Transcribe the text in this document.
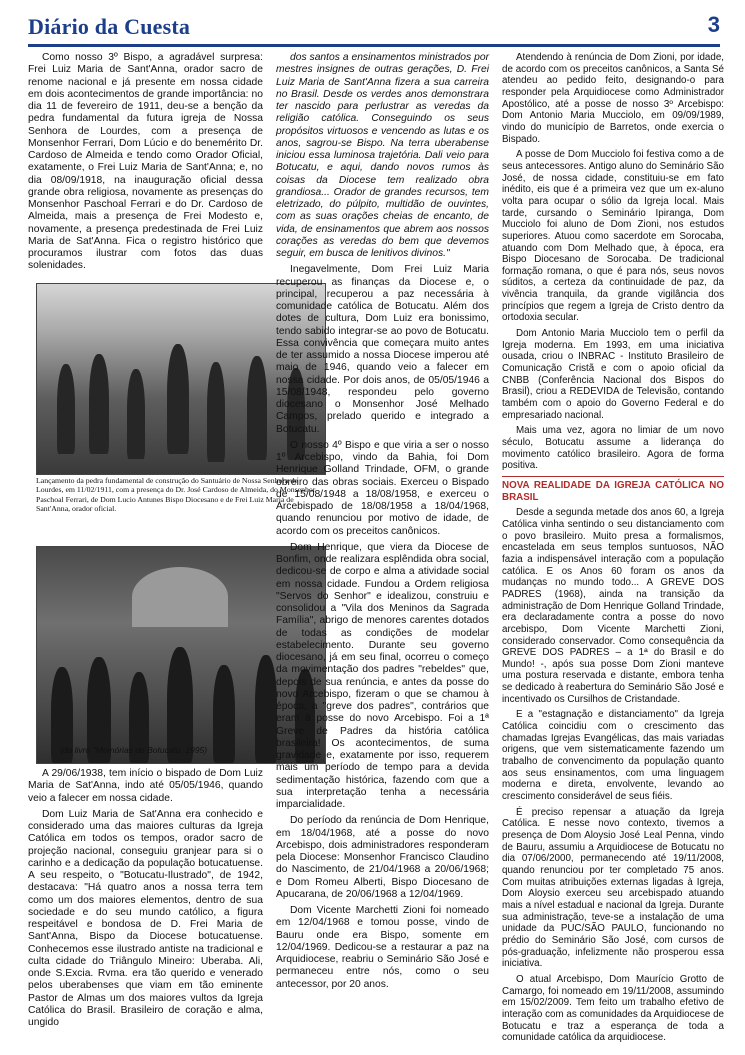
Diário da Cuesta	3

Como nosso 3º Bispo, a agradável surpresa: Frei Luiz Maria de Sant'Anna, orador sacro de renome nacional e já presente em nossa cidade em dois acontecimentos de grande importância: no dia 11 de fevereiro de 1911, deu-se a benção da pedra fundamental da futura igreja de Nossa Senhora de Lourdes, com a presença de Monsenhor Ferrari, Dom Lúcio e do benemérito Dr. Cardoso de Almeida e tendo como Orador Oficial, exatamente, o Frei Luiz Maria de Sant'Anna; e, no dia 08/09/1918, na inauguração oficial dessa grande obra religiosa, novamente as presenças do Monsenhor Paschoal Ferrari e do Dr. Cardoso de Almeida, mais a presença de Frei Modesto e, novamente, a presença predestinada de Frei Luiz Maria de Sat'Anna. Fica o registro histórico que procuramos ilustrar com fotos das duas solenidades.

Lançamento da pedra fundamental de construção do Santuário de Nossa Senhora de Lourdes, em 11/02/1911, com a presença do Dr. José Cardoso de Almeida, do Monsenhor Paschoal Ferrari, de Dom Lucio Antunes Bispo Diocesano e de Frei Luiz Maria de Sant'Anna, orador oficial.
(do livro "Memórias de Botucatu, 1995)

A 29/06/1938, tem início o bispado de Dom Luiz Maria de Sat'Anna, indo até 05/05/1946, quando veio a falecer em nossa cidade.

Dom Luiz Maria de Sat'Anna era conhecido e considerado uma das maiores culturas da Igreja Católica em todos os tempos, orador sacro de projeção nacional, conseguiu granjear para si o carinho e a dedicação da população botucatuense. A seu respeito, o "Botucatu-Ilustrado", de 1942, destacava: "Há quatro anos a nossa terra tem como um dos maiores elementos, dentro de sua sociedade e do seu mundo católico, a figura respeitável e bondosa de D. Frei Maria de Sant'Anna, Bispo da Diocese botucatuense. Conhecemos esse ilustrado antiste na tradicional e culta cidade do Triângulo Mineiro: Uberaba. Ali, onde S.Excia. Rvma. era tão querido e venerado pelos uberabenses que viam em tão eminente Pastor de Almas um dos maiores vultos da Igreja Católica do Brasil. Brasileiro de coração e alma, ungido

dos santos a ensinamentos ministrados por mestres insignes de outras gerações, D. Frei Luiz Maria de Sant'Anna fizera a sua carreira no Brasil. Desde os verdes anos demonstrara ter nascido para perlustrar as veredas da religião católica. Conseguindo os seus propósitos virtuosos e vencendo as lutas e os anos, sagrou-se Bispo. Na terra uberabense iniciou essa luminosa trajetória. Dali veio para Botucatu, e aqui, dando novos rumos às coisas da Diocese tem realizado obra grandiosa... Orador de grandes recursos, tem eletrizado, do púlpito, multidão de ouvintes, com as suas orações cheias de encanto, de vida, de ensinamentos que abrem aos nossos corações as veredas do bem que devemos seguir, em busca de lenitivos divinos."

Inegavelmente, Dom Frei Luiz Maria recuperou as finanças da Diocese e, o principal, recuperou a paz necessária à comunidade católica de Botucatu. Além dos dotes de cultura, Dom Luiz era bonissimo, tendo sabido integrar-se ao povo de Botucatu. Essa convivência que começara muito antes de ter assumido a nossa Diocese imperou até maio de 1946, quando veio a falecer em nossa cidade. Por dois anos, de 05/05/1946 a 15/08/1948, respondeu pelo governo diocesano o Monsenhor José Melhado Campos, prelado querido e integrado a Botucatu.

O nosso 4º Bispo e que viria a ser o nosso 1º Arcebispo, vindo da Bahia, foi Dom Henrique Golland Trindade, OFM, o grande obreiro das obras sociais. Exerceu o Bispado de 15/08/1948 a 18/08/1958, e exerceu o Arcebispado de 18/08/1958 a 18/04/1968, quando renunciou por motivo de idade, de acordo com os preceitos canônicos.

Dom Henrique, que viera da Diocese de Bonfim, onde realizara esplêndida obra social, dedicou-se de corpo e alma a atividade social em nossa cidade. Fundou a Ordem religiosa "Servos do Senhor" e idealizou, construiu e consolidou a "Vila dos Meninos da Sagrada Família", abrigo de menores carentes dotados de todas as condições de modelar estabelecimento. Durante seu governo diocesano, já em seu final, ocorreu o começo da movimentação dos padres "rebeldes" que, depois de sua renúncia, e antes da posse do novo Arcebispo, fizeram o que se chamou à época, a "greve dos padres", contrários que eram à posse do novo Arcebispo. Foi a 1ª Greve de Padres da história católica brasileira! Os acontecimentos, de suma gravidade e, exatamente por isso, requerem mais um período de tempo para a devida sedimentação histórica, fazendo com que a sua interpretação tenha a necessária imparcialidade.

Do período da renúncia de Dom Henrique, em 18/04/1968, até a posse do novo Arcebispo, dois administradores responderam pela Diocese: Monsenhor Francisco Claudino do Nascimento, de 21/04/1968 a 20/06/1968; e Dom Romeu Alberti, Bispo Diocesano de Apucarana, de 20/06/1968 a 12/04/1969.

Dom Vicente Marchetti Zioni foi nomeado em 12/04/1968 e tomou posse, vindo de Bauru onde era Bispo, somente em 12/04/1969. Dedicou-se a restaurar a paz na Arquidiocese, reabriu o Seminário São José e permaneceu entre nós, como o seu antecessor, por 20 anos.

Atendendo à renúncia de Dom Zioni, por idade, de acordo com os preceitos canônicos, a Santa Sé atendeu ao pedido feito, designando-o para responder pela Arquidiocese como Administrador Apostólico, até a posse de nosso 3º Arcebispo: Dom Antonio Maria Mucciolo, em 09/09/1989, vindo do município de Barretos, onde exercia o Bispado.

A posse de Dom Mucciolo foi festiva como a de seus antecessores. Antigo aluno do Seminário São José, de nossa cidade, constituiu-se em fato inédito, eis que é a primeira vez que um ex-aluno volta para ocupar o sólio da Igreja local. Mais tarde, cursando o Seminário Ipiranga, Dom Mucciolo foi aluno de Dom Zioni, nos estudos superiores. Atuou como sacerdote em Sorocaba, atuando com Dom Melhado que, à época, era Bispo Diocesano de Sorocaba. De tradicional formação romana, o que é para nós, seus novos súditos, a certeza da continuidade de paz, da vivência tranquila, da grande vigilância dos princípios que regem a Igreja de Cristo dentro da ortodoxia secular.

Dom Antonio Maria Mucciolo tem o perfil da Igreja moderna. Em 1993, em uma iniciativa ousada, criou o INBRAC - Instituto Brasileiro de Comunicação Cristã e com o apoio oficial da CNBB (Conferência Nacional dos Bispos do Brasil), criou a REDEVIDA de Televisão, contando também com o apoio do Governo Federal e do empresariado nacional.

Mais uma vez, agora no limiar de um novo século, Botucatu assume a liderança do movimento católico brasileiro. Agora de forma positiva.

NOVA REALIDADE DA IGREJA CATÓLICA NO BRASIL

Desde a segunda metade dos anos 60, a Igreja Católica vinha sentindo o seu distanciamento com o povo brasileiro. Muito presa a formalismos, encastelada em seus templos suntuosos, NÃO fazia a indispensável interação com a população católica. E os Anos 60 foram os anos da mudanças no mundo todo... A GREVE DOS PADRES (1968), ainda na transição da administração de Dom Henrique Golland Trindade, era declaradamente contra a posse do novo arcebispo, Dom Vicente Marchetti Zioni, considerado conservador. Como consequência da GREVE DOS PADRES – a 1ª do Brasil e do Mundo! -, após sua posse Dom Zioni manteve uma postura reservada e distante, embora tenha se dedicado à reabertura do Seminário São José e incentivado os Cursilhos de Cristandade.

E a "estagnação e distanciamento" da Igreja Católica coincidiu com o crescimento das chamadas Igrejas Evangélicas, das mais variadas origens, que vem sistematicamente fazendo um trabalho de convencimento da população quanto aos seus ensinamentos, com uma linguagem moderna e direta, envolvente, levando ao crescimento considerável de seus fiéis.

É preciso repensar a atuação da Igreja Católica. E nesse novo contexto, tivemos a presença de Dom Aloysio José Leal Penna, vindo de Bauru, assumiu a Arquidiocese de Botucatu no dia 07/06/2000, permanecendo até 19/11/2008, quando renunciou por ter completado 75 anos. Com muitas atribuições externas ligadas à Igreja, Dom Aloysio exerceu seu arcebispado atuando mais a nível estadual e nacional da Igreja. Durante sua administração, teve-se a instalação de uma unidade da PUC/SÃO PAULO, funcionando no prédio do Seminário São José, com cursos de pós-graduação, infelizmente não prosperou essa iniciativa.

O atual Arcebispo, Dom Maurício Grotto de Camargo, foi nomeado em 19/11/2008, assumindo em 15/02/2009. Tem feito um trabalho efetivo de interação com as comunidades da Arquidiocese de Botucatu e traz a esperança de toda a comunidade católica da arquidiocese.
